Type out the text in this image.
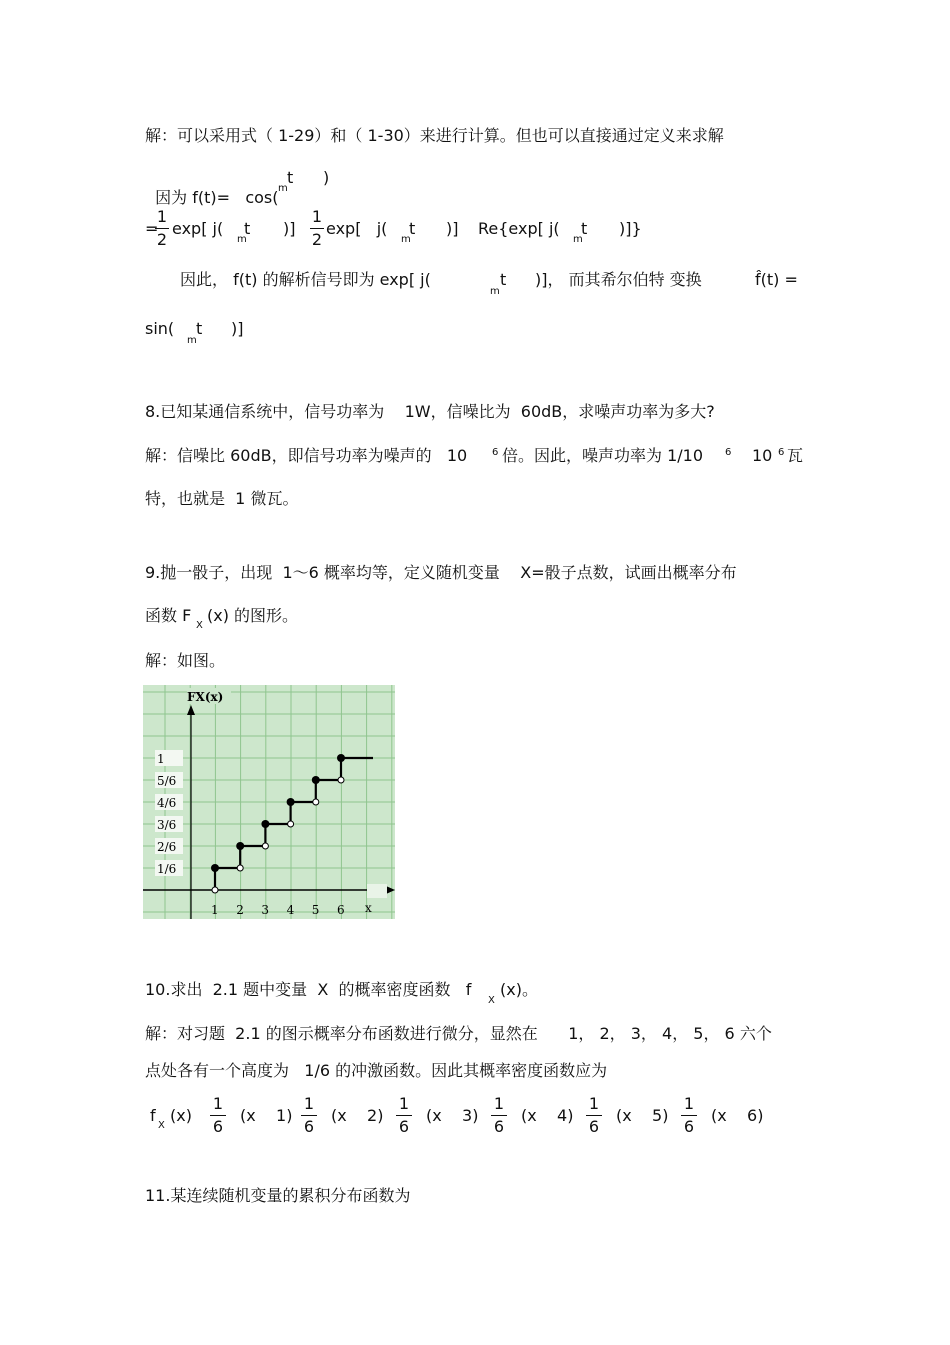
解：可以采用式（ 1-29）和（ 1-30）来进行计算。但也可以直接通过定义来求解

因为 f(t)=   cos( m
t )
=
1
2
exp[ j(
m
t )]
1
2
exp[   j(
m
t )] Re{exp[ j(
m
t )]}
因此， f(t) 的解析信号即为 exp[ j(
m
t )]， 而其希尔伯特 变换	f̂(t) =
sin(
m
t )]
8.已知某通信系统中，信号功率为    1W，信噪比为  60dB，求噪声功率为多大?
解：信噪比 60dB，即信号功率为噪声的   10 6 倍。因此，噪声功率为 1/10 6 10 6 瓦
特，也就是  1 微瓦。
9.抛一骰子，出现  1～6 概率均等，定义随机变量    X=骰子点数，试画出概率分布
函数 F
X
(x) 的图形。
解：如图。
FX(x)
1
5/6
4/6
3/6
2/6
1/6
1 2 3 4 5 6 x
10.求出  2.1 题中变量  X  的概率密度函数   f
X
(x)。
解：对习题  2.1 的图示概率分布函数进行微分，显然在      1， 2， 3， 4， 5， 6 六个
点处各有一个高度为   1/6 的冲激函数。因此其概率密度函数应为
f
X
(x)
1
6
(x    1)
1
6
(x    2)
1
6
(x    3)
1
6
(x    4)
1
6
(x    5)
1
6
(x    6)
11.某连续随机变量的累积分布函数为
